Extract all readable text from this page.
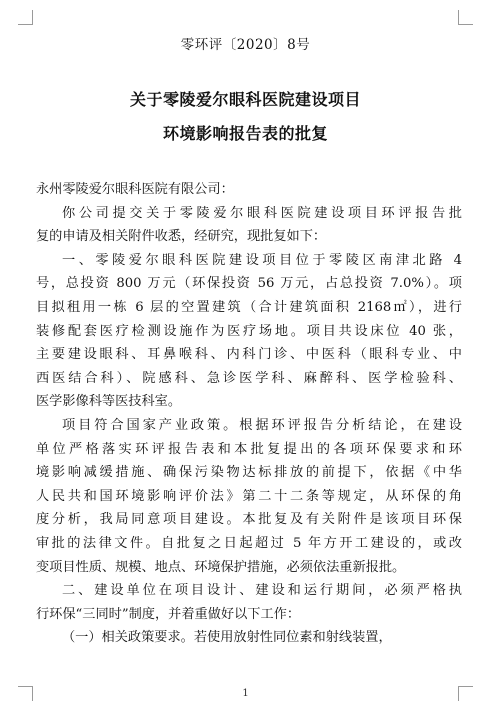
零环评〔2020〕8号
关于零陵爱尔眼科医院建设项目
环境影响报告表的批复

永州零陵爱尔眼科医院有限公司：

你公司提交关于零陵爱尔眼科医院建设项目环评报告批

复的申请及相关附件收悉，经研究，现批复如下：

一、零陵爱尔眼科医院建设项目位于零陵区南津北路 4

号，总投资 800 万元（环保投资 56 万元，占总投资 7.0%）。项

目拟租用一栋 6 层的空置建筑（合计建筑面积 2168㎡），进行

装修配套医疗检测设施作为医疗场地。项目共设床位 40 张，

主要建设眼科、耳鼻喉科、内科门诊、中医科（眼科专业、中

西医结合科）、院感科、急诊医学科、麻醉科、医学检验科、

医学影像科等医技科室。

项目符合国家产业政策。根据环评报告分析结论，在建设

单位严格落实环评报告表和本批复提出的各项环保要求和环

境影响减缓措施、确保污染物达标排放的前提下，依据《中华

人民共和国环境影响评价法》第二十二条等规定，从环保的角

度分析，我局同意项目建设。本批复及有关附件是该项目环保

审批的法律文件。自批复之日起超过 5 年方开工建设的，或改

变项目性质、规模、地点、环境保护措施，必须依法重新报批。

二、建设单位在项目设计、建设和运行期间，必须严格执

行环保“三同时”制度，并着重做好以下工作：

（一）相关政策要求。若使用放射性同位素和射线装置，

1
